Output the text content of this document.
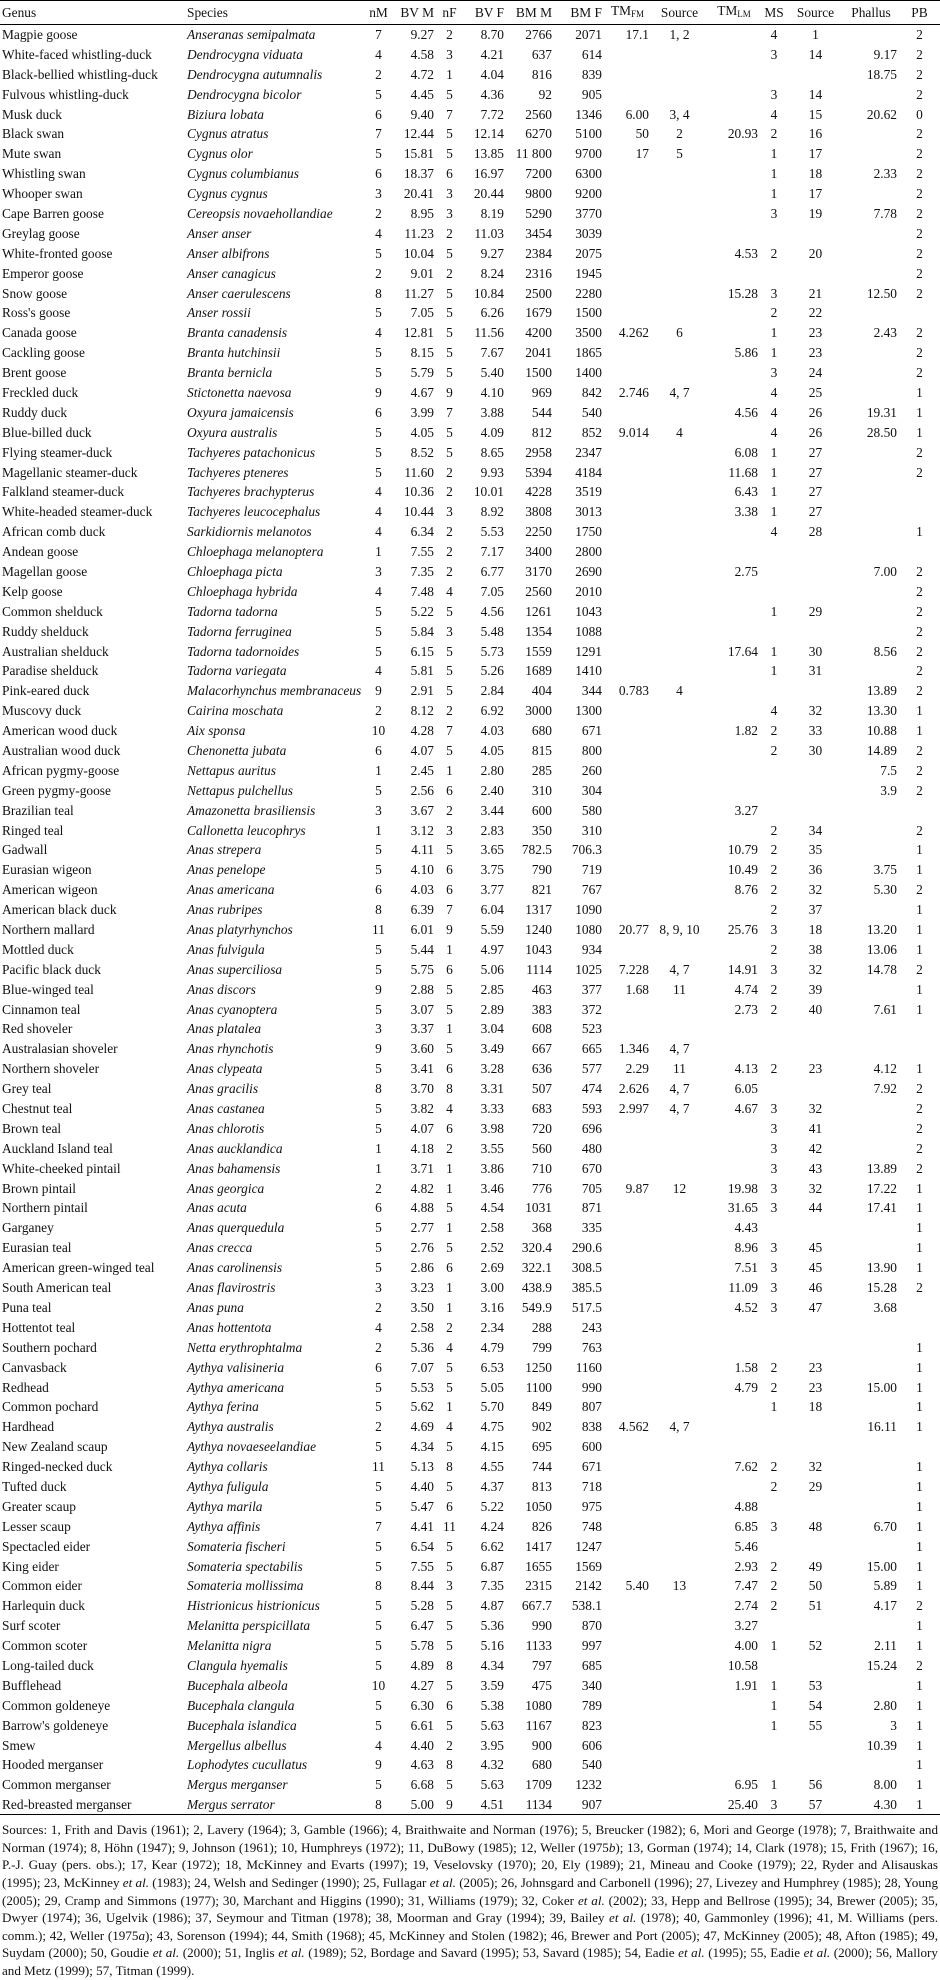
Genus	Species	nM	BV M	nF	BV F	BM M	BM F	$TM_{FM}$	Source	$TM_{LM}$	MS	Source	Phallus	PB
Magpie goose	Anseranas semipalmata	7	9.27	2	8.70	2766	2071	17.1	1, 2		4	1		2
White-faced whistling-duck	Dendrocygna viduata	4	4.58	3	4.21	637	614				3	14	9.17	2
Black-bellied whistling-duck	Dendrocygna autumnalis	2	4.72	1	4.04	816	839						18.75	2
Fulvous whistling-duck	Dendrocygna bicolor	5	4.45	5	4.36	92	905				3	14		2
Musk duck	Biziura lobata	6	9.40	7	7.72	2560	1346	6.00	3, 4		4	15	20.62	0
Black swan	Cygnus atratus	7	12.44	5	12.14	6270	5100	50	2	20.93	2	16		2
Mute swan	Cygnus olor	5	15.81	5	13.85	11 800	9700	17	5		1	17		2
Whistling swan	Cygnus columbianus	6	18.37	6	16.97	7200	6300				1	18	2.33	2
Whooper swan	Cygnus cygnus	3	20.41	3	20.44	9800	9200				1	17		2
Cape Barren goose	Cereopsis novaehollandiae	2	8.95	3	8.19	5290	3770				3	19	7.78	2
Greylag goose	Anser anser	4	11.23	2	11.03	3454	3039							2
White-fronted goose	Anser albifrons	5	10.04	5	9.27	2384	2075			4.53	2	20		2
Emperor goose	Anser canagicus	2	9.01	2	8.24	2316	1945							2
Snow goose	Anser caerulescens	8	11.27	5	10.84	2500	2280			15.28	3	21	12.50	2
Ross's goose	Anser rossii	5	7.05	5	6.26	1679	1500				2	22		
Canada goose	Branta canadensis	4	12.81	5	11.56	4200	3500	4.262	6		1	23	2.43	2
Cackling goose	Branta hutchinsii	5	8.15	5	7.67	2041	1865			5.86	1	23		2
Brent goose	Branta bernicla	5	5.79	5	5.40	1500	1400				3	24		2
Freckled duck	Stictonetta naevosa	9	4.67	9	4.10	969	842	2.746	4, 7		4	25		1
Ruddy duck	Oxyura jamaicensis	6	3.99	7	3.88	544	540			4.56	4	26	19.31	1
Blue-billed duck	Oxyura australis	5	4.05	5	4.09	812	852	9.014	4		4	26	28.50	1
Flying steamer-duck	Tachyeres patachonicus	5	8.52	5	8.65	2958	2347			6.08	1	27		2
Magellanic steamer-duck	Tachyeres pteneres	5	11.60	2	9.93	5394	4184			11.68	1	27		2
Falkland steamer-duck	Tachyeres brachypterus	4	10.36	2	10.01	4228	3519			6.43	1	27		
White-headed steamer-duck	Tachyeres leucocephalus	4	10.44	3	8.92	3808	3013			3.38	1	27		
African comb duck	Sarkidiornis melanotos	4	6.34	2	5.53	2250	1750				4	28		1
Andean goose	Chloephaga melanoptera	1	7.55	2	7.17	3400	2800							
Magellan goose	Chloephaga picta	3	7.35	2	6.77	3170	2690			2.75			7.00	2
Kelp goose	Chloephaga hybrida	4	7.48	4	7.05	2560	2010							2
Common shelduck	Tadorna tadorna	5	5.22	5	4.56	1261	1043				1	29		2
Ruddy shelduck	Tadorna ferruginea	5	5.84	3	5.48	1354	1088							2
Australian shelduck	Tadorna tadornoides	5	6.15	5	5.73	1559	1291			17.64	1	30	8.56	2
Paradise shelduck	Tadorna variegata	4	5.81	5	5.26	1689	1410				1	31		2
Pink-eared duck	Malacorhynchus membranaceus	9	2.91	5	2.84	404	344	0.783	4				13.89	2
Muscovy duck	Cairina moschata	2	8.12	2	6.92	3000	1300				4	32	13.30	1
American wood duck	Aix sponsa	10	4.28	7	4.03	680	671			1.82	2	33	10.88	1
Australian wood duck	Chenonetta jubata	6	4.07	5	4.05	815	800				2	30	14.89	2
African pygmy-goose	Nettapus auritus	1	2.45	1	2.80	285	260						7.5	2
Green pygmy-goose	Nettapus pulchellus	5	2.56	6	2.40	310	304						3.9	2
Brazilian teal	Amazonetta brasiliensis	3	3.67	2	3.44	600	580			3.27				
Ringed teal	Callonetta leucophrys	1	3.12	3	2.83	350	310				2	34		2
Gadwall	Anas strepera	5	4.11	5	3.65	782.5	706.3			10.79	2	35		1
Eurasian wigeon	Anas penelope	5	4.10	6	3.75	790	719			10.49	2	36	3.75	1
American wigeon	Anas americana	6	4.03	6	3.77	821	767			8.76	2	32	5.30	2
American black duck	Anas rubripes	8	6.39	7	6.04	1317	1090				2	37		1
Northern mallard	Anas platyrhynchos	11	6.01	9	5.59	1240	1080	20.77	8, 9, 10	25.76	3	18	13.20	1
Mottled duck	Anas fulvigula	5	5.44	1	4.97	1043	934				2	38	13.06	1
Pacific black duck	Anas superciliosa	5	5.75	6	5.06	1114	1025	7.228	4, 7	14.91	3	32	14.78	2
Blue-winged teal	Anas discors	9	2.88	5	2.85	463	377	1.68	11	4.74	2	39		1
Cinnamon teal	Anas cyanoptera	5	3.07	5	2.89	383	372			2.73	2	40	7.61	1
Red shoveler	Anas platalea	3	3.37	1	3.04	608	523							
Australasian shoveler	Anas rhynchotis	9	3.60	5	3.49	667	665	1.346	4, 7					
Northern shoveler	Anas clypeata	5	3.41	6	3.28	636	577	2.29	11	4.13	2	23	4.12	1
Grey teal	Anas gracilis	8	3.70	8	3.31	507	474	2.626	4, 7	6.05			7.92	2
Chestnut teal	Anas castanea	5	3.82	4	3.33	683	593	2.997	4, 7	4.67	3	32		2
Brown teal	Anas chlorotis	5	4.07	6	3.98	720	696				3	41		2
Auckland Island teal	Anas aucklandica	1	4.18	2	3.55	560	480				3	42		2
White-cheeked pintail	Anas bahamensis	1	3.71	1	3.86	710	670				3	43	13.89	2
Brown pintail	Anas georgica	2	4.82	1	3.46	776	705	9.87	12	19.98	3	32	17.22	1
Northern pintail	Anas acuta	6	4.88	5	4.54	1031	871			31.65	3	44	17.41	1
Garganey	Anas querquedula	5	2.77	1	2.58	368	335			4.43				1
Eurasian teal	Anas crecca	5	2.76	5	2.52	320.4	290.6			8.96	3	45		1
American green-winged teal	Anas carolinensis	5	2.86	6	2.69	322.1	308.5			7.51	3	45	13.90	1
South American teal	Anas flavirostris	3	3.23	1	3.00	438.9	385.5			11.09	3	46	15.28	2
Puna teal	Anas puna	2	3.50	1	3.16	549.9	517.5			4.52	3	47	3.68	
Hottentot teal	Anas hottentota	4	2.58	2	2.34	288	243							
Southern pochard	Netta erythrophtalma	2	5.36	4	4.79	799	763							1
Canvasback	Aythya valisineria	6	7.07	5	6.53	1250	1160			1.58	2	23		1
Redhead	Aythya americana	5	5.53	5	5.05	1100	990			4.79	2	23	15.00	1
Common pochard	Aythya ferina	5	5.62	1	5.70	849	807				1	18		1
Hardhead	Aythya australis	2	4.69	4	4.75	902	838	4.562	4, 7				16.11	1
New Zealand scaup	Aythya novaeseelandiae	5	4.34	5	4.15	695	600							
Ringed-necked duck	Aythya collaris	11	5.13	8	4.55	744	671			7.62	2	32		1
Tufted duck	Aythya fuligula	5	4.40	5	4.37	813	718				2	29		1
Greater scaup	Aythya marila	5	5.47	6	5.22	1050	975			4.88				1
Lesser scaup	Aythya affinis	7	4.41	11	4.24	826	748			6.85	3	48	6.70	1
Spectacled eider	Somateria fischeri	5	6.54	5	6.62	1417	1247			5.46				1
King eider	Somateria spectabilis	5	7.55	5	6.87	1655	1569			2.93	2	49	15.00	1
Common eider	Somateria mollissima	8	8.44	3	7.35	2315	2142	5.40	13	7.47	2	50	5.89	1
Harlequin duck	Histrionicus histrionicus	5	5.28	5	4.87	667.7	538.1			2.74	2	51	4.17	2
Surf scoter	Melanitta perspicillata	5	6.47	5	5.36	990	870			3.27				1
Common scoter	Melanitta nigra	5	5.78	5	5.16	1133	997			4.00	1	52	2.11	1
Long-tailed duck	Clangula hyemalis	5	4.89	8	4.34	797	685			10.58			15.24	2
Bufflehead	Bucephala albeola	10	4.27	5	3.59	475	340			1.91	1	53		1
Common goldeneye	Bucephala clangula	5	6.30	6	5.38	1080	789				1	54	2.80	1
Barrow's goldeneye	Bucephala islandica	5	6.61	5	5.63	1167	823				1	55	3	1
Smew	Mergellus albellus	4	4.40	2	3.95	900	606						10.39	1
Hooded merganser	Lophodytes cucullatus	9	4.63	8	4.32	680	540							1
Common merganser	Mergus merganser	5	6.68	5	5.63	1709	1232			6.95	1	56	8.00	1
Red-breasted merganser	Mergus serrator	8	5.00	9	4.51	1134	907			25.40	3	57	4.30	1
Sources: 1, Frith and Davis (1961); 2, Lavery (1964); 3, Gamble (1966); 4, Braithwaite and Norman (1976); 5, Breucker (1982); 6, Mori and George (1978); 7, Braithwaite and Norman (1974); 8, Höhn (1947); 9, Johnson (1961); 10, Humphreys (1972); 11, DuBowy (1985); 12, Weller (1975b); 13, Gorman (1974); 14, Clark (1978); 15, Frith (1967); 16, P.-J. Guay (pers. obs.); 17, Kear (1972); 18, McKinney and Evarts (1997); 19, Veselovsky (1970); 20, Ely (1989); 21, Mineau and Cooke (1979); 22, Ryder and Alisauskas (1995); 23, McKinney et al. (1983); 24, Welsh and Sedinger (1990); 25, Fullagar et al. (2005); 26, Johnsgard and Carbonell (1996); 27, Livezey and Humphrey (1985); 28, Young (2005); 29, Cramp and Simmons (1977); 30, Marchant and Higgins (1990); 31, Williams (1979); 32, Coker et al. (2002); 33, Hepp and Bellrose (1995); 34, Brewer (2005); 35, Dwyer (1974); 36, Ugelvik (1986); 37, Seymour and Titman (1978); 38, Moorman and Gray (1994); 39, Bailey et al. (1978); 40, Gammonley (1996); 41, M. Williams (pers. comm.); 42, Weller (1975a); 43, Sorenson (1994); 44, Smith (1968); 45, McKinney and Stolen (1982); 46, Brewer and Port (2005); 47, McKinney (2005); 48, Afton (1985); 49, Suydam (2000); 50, Goudie et al. (2000); 51, Inglis et al. (1989); 52, Bordage and Savard (1995); 53, Savard (1985); 54, Eadie et al. (1995); 55, Eadie et al. (2000); 56, Mallory and Metz (1999); 57, Titman (1999).
